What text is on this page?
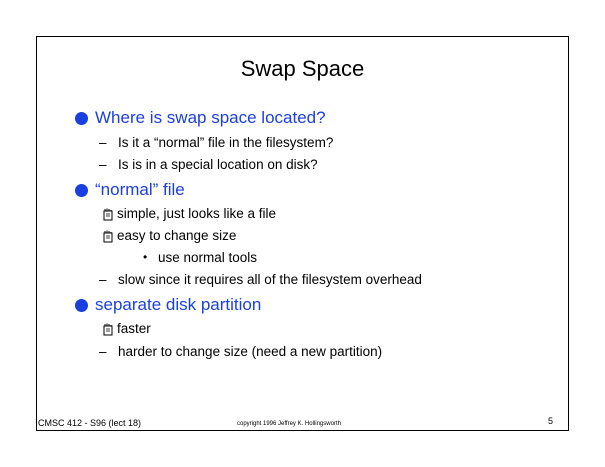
Swap Space
Where is swap space located?
– Is it a “normal” file in the filesystem?
– Is is in a special location on disk?
“normal” file
simple, just looks like a file
easy to change size
• use normal tools
– slow since it requires all of the filesystem overhead
separate disk partition
faster
– harder to change size (need a new partition)
CMSC 412 - S96 (lect 18)	copyright 1996 Jeffrey K. Hollingsworth	5
